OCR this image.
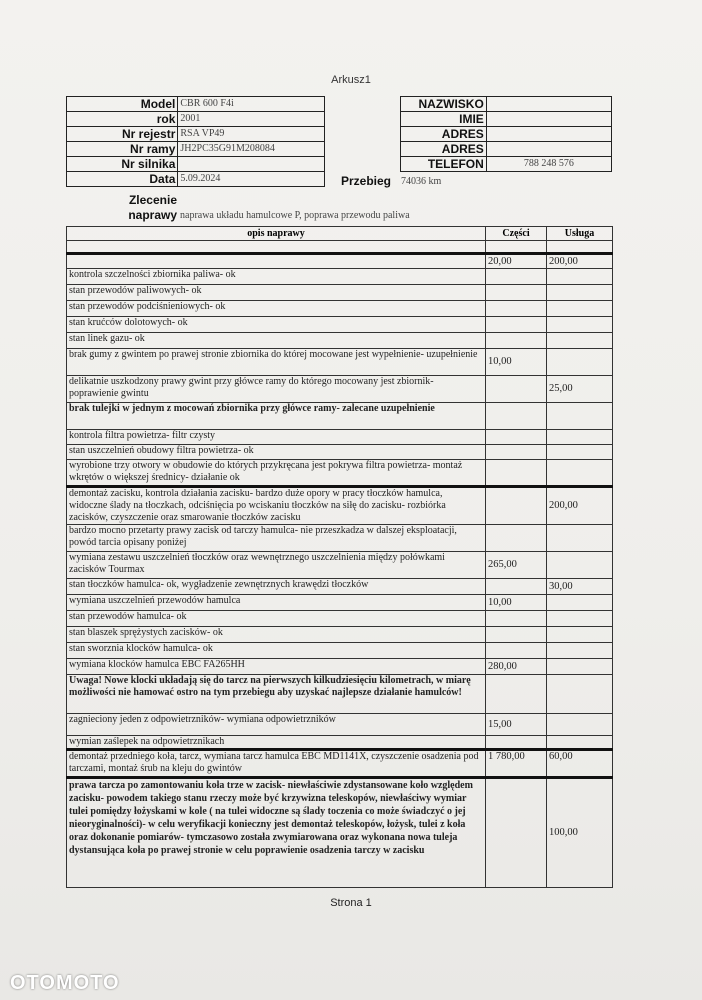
Arkusz1
Model	CBR 600 F4i
rok	2001
Nr rejestr	RSA VP49
Nr ramy	JH2PC35G91M208084
Nr silnika	
Data	5.09.2024
NAZWISKO	
IMIE	
ADRES	
ADRES	
TELEFON	788 248 576
Przebieg 74036 km
Zlecenie
naprawy naprawa układu hamulcowe P, poprawa przewodu paliwa
opis naprawy	Części	Usługa

	20,00	200,00
kontrola szczelności zbiornika paliwa- ok		
stan przewodów paliwowych- ok		
stan przewodów podciśnieniowych- ok		
stan krućców dolotowych- ok		
stan linek gazu- ok		
brak gumy z gwintem po prawej stronie zbiornika do której mocowane jest wypełnienie- uzupełnienie	10,00	
delikatnie uszkodzony prawy gwint przy główce ramy do którego mocowany jest zbiornik- poprawienie gwintu		25,00
brak tulejki w jednym z mocowań zbiornika przy główce ramy- zalecane uzupełnienie		
kontrola filtra powietrza- filtr czysty		
stan uszczelnień obudowy filtra powietrza- ok		
wyrobione trzy otwory w obudowie do których przykręcana jest pokrywa filtra powietrza- montaż wkrętów o większej średnicy- działanie ok		
demontaż zacisku, kontrola działania zacisku- bardzo duże opory w pracy tłoczków hamulca, widoczne ślady na tłoczkach, odciśnięcia po wciskaniu tłoczków na siłę do zacisku- rozbiórka zacisków, czyszczenie oraz smarowanie tłoczków zacisku		200,00
bardzo mocno przetarty prawy zacisk od tarczy hamulca- nie przeszkadza w dalszej eksploatacji, powód tarcia opisany poniżej		
wymiana zestawu uszczelnień tłoczków oraz wewnętrznego uszczelnienia między połówkami zacisków Tourmax	265,00	
stan tłoczków hamulca- ok, wygładzenie zewnętrznych krawędzi tłoczków		30,00
wymiana uszczelnień przewodów hamulca	10,00	
stan przewodów hamulca- ok		
stan blaszek sprężystych zacisków- ok		
stan sworznia klocków hamulca- ok		
wymiana klocków hamulca EBC FA265HH	280,00	
Uwaga! Nowe klocki układają się do tarcz na pierwszych kilkudziesięciu kilometrach, w miarę możliwości nie hamować ostro na tym przebiegu aby uzyskać najlepsze działanie hamulców!		
zagnieciony jeden z odpowietrzników- wymiana odpowietrzników	15,00	
wymian zaślepek na odpowietrznikach		
demontaż przedniego koła, tarcz, wymiana tarcz hamulca EBC MD1141X, czyszczenie osadzenia pod tarczami, montaż śrub na kleju do gwintów	1 780,00	60,00
prawa tarcza po zamontowaniu koła trze w zacisk- niewłaściwie zdystansowane koło względem zacisku- powodem takiego stanu rzeczy może być krzywizna teleskopów, niewłaściwy wymiar tulei pomiędzy łożyskami w kole ( na tulei widoczne są ślady toczenia co może świadczyć o jej nieoryginalności)- w celu weryfikacji konieczny jest demontaż teleskopów, łożysk, tulei z koła oraz dokonanie pomiarów- tymczasowo została zwymiarowana oraz wykonana nowa tuleja dystansująca koła po prawej stronie w celu poprawienie osadzenia tarczy w zacisku		100,00
Strona 1
OTOMOTO
